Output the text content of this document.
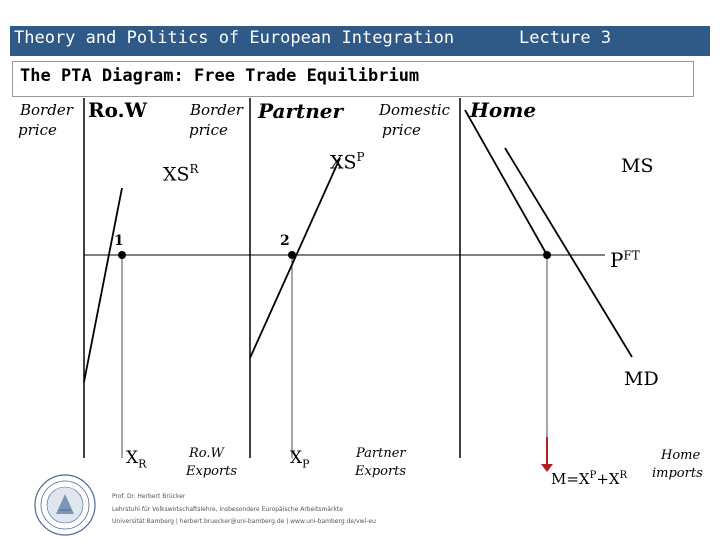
Theory and Politics of European Integration	Lecture 3
The PTA Diagram: Free Trade Equilibrium
Border
price
Ro.W	Border
price
Partner Domestic
price
Home
$XS^R$	$XS^P$	MS
MD
$P^{FT}$
1	2
$X_R$
Ro.W
Exports
$X_P$
Partner
Exports	$M=X^P+X^R$
Home
imports
Prof. Dr. Herbert Brücker
Lehrstuhl für Volkswirtschaftslehre, insbesondere Europäische Arbeitsmärkte
Universität Bamberg | herbert.bruecker@uni-bamberg.de | www.uni-bamberg.de/vwl-eu
